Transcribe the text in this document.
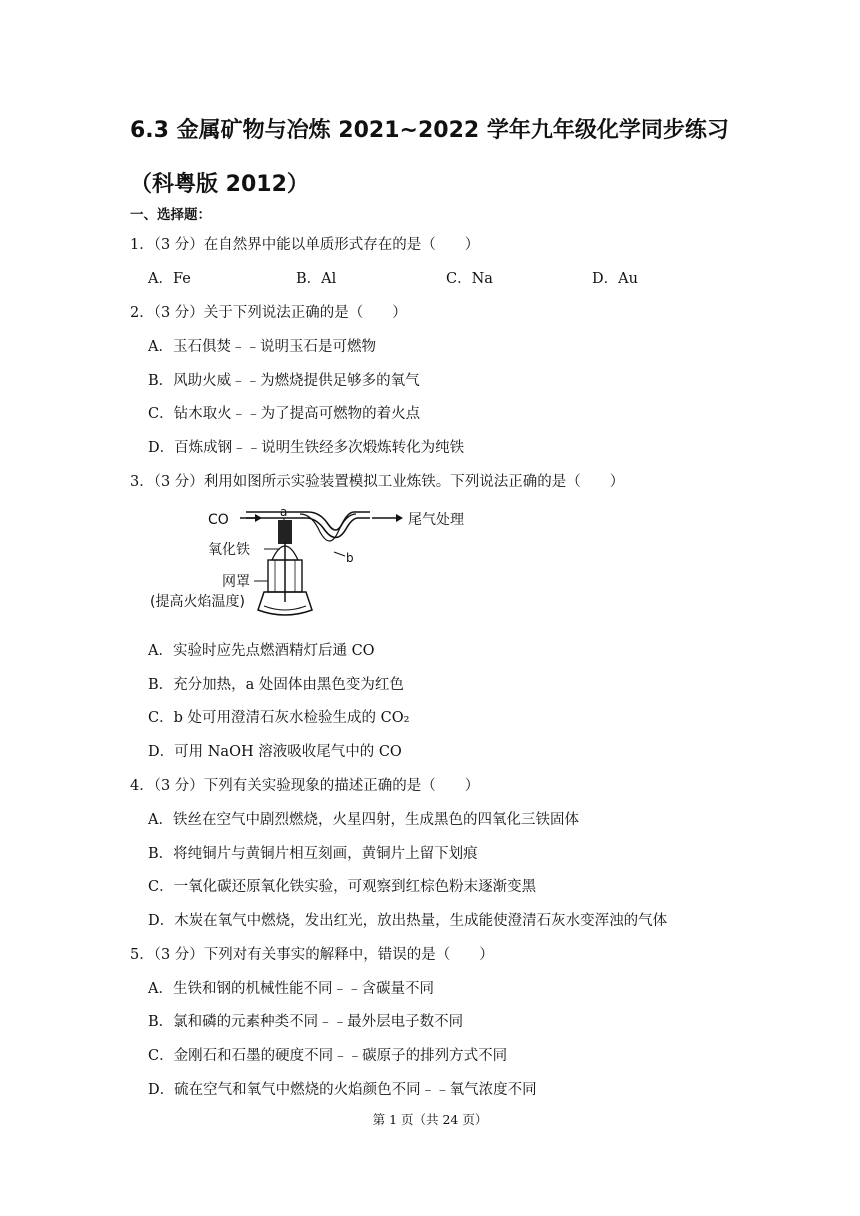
6.3 金属矿物与冶炼 2021~2022 学年九年级化学同步练习（科粤版 2012）
一、选择题：
1．（3 分）在自然界中能以单质形式存在的是（　　）
A．Fe	B．Al	C．Na	D．Au
2．（3 分）关于下列说法正确的是（　　）
A．玉石俱焚﹣﹣说明玉石是可燃物
B．风助火威﹣﹣为燃烧提供足够多的氧气
C．钻木取火﹣﹣为了提高可燃物的着火点
D．百炼成钢﹣﹣说明生铁经多次煅炼转化为纯铁
3．（3 分）利用如图所示实验装置模拟工业炼铁。下列说法正确的是（　　）
CO	a
b
尾气处理
氧化铁
网罩
(提高火焰温度)
A．实验时应先点燃酒精灯后通 CO
B．充分加热，a 处固体由黑色变为红色
C．b 处可用澄清石灰水检验生成的 CO₂
D．可用 NaOH 溶液吸收尾气中的 CO
4．（3 分）下列有关实验现象的描述正确的是（　　）
A．铁丝在空气中剧烈燃烧，火星四射，生成黑色的四氧化三铁固体
B．将纯铜片与黄铜片相互刻画，黄铜片上留下划痕
C．一氧化碳还原氧化铁实验，可观察到红棕色粉末逐渐变黑
D．木炭在氧气中燃烧，发出红光，放出热量，生成能使澄清石灰水变浑浊的气体
5．（3 分）下列对有关事实的解释中，错误的是（　　）
A．生铁和钢的机械性能不同﹣﹣含碳量不同
B．氯和磷的元素种类不同﹣﹣最外层电子数不同
C．金刚石和石墨的硬度不同﹣﹣碳原子的排列方式不同
D．硫在空气和氧气中燃烧的火焰颜色不同﹣﹣氧气浓度不同
第 1 页（共 24 页）
